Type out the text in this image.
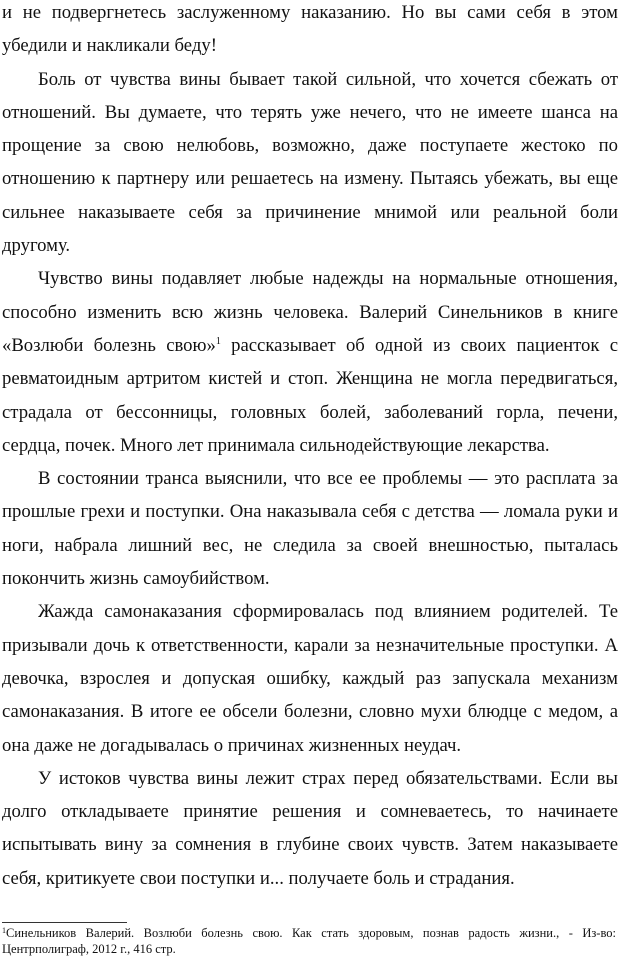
и не подвергнетесь заслуженному наказанию. Но вы сами себя в этом убедили и накликали беду!

Боль от чувства вины бывает такой сильной, что хочется сбежать от отношений. Вы думаете, что терять уже нечего, что не имеете шанса на прощение за свою нелюбовь, возможно, даже поступаете жестоко по отношению к партнеру или решаетесь на измену. Пытаясь убежать, вы еще сильнее наказываете себя за причинение мнимой или реальной боли другому.

Чувство вины подавляет любые надежды на нормальные отношения, способно изменить всю жизнь человека. Валерий Синельников в книге «Возлюби болезнь свою»$^1$ рассказывает об одной из своих пациенток с ревматоидным артритом кистей и стоп. Женщина не могла передвигаться, страдала от бессонницы, головных болей, заболеваний горла, печени, сердца, почек. Много лет принимала сильнодействующие лекарства.

В состоянии транса выяснили, что все ее проблемы — это расплата за прошлые грехи и поступки. Она наказывала себя с детства — ломала руки и ноги, набрала лишний вес, не следила за своей внешностью, пыталась покончить жизнь самоубийством.

Жажда самонаказания сформировалась под влиянием родителей. Те призывали дочь к ответственности, карали за незначительные проступки. А девочка, взрослея и допуская ошибку, каждый раз запускала механизм самонаказания. В итоге ее обсели болезни, словно мухи блюдце с медом, а она даже не догадывалась о причинах жизненных неудач.

У истоков чувства вины лежит страх перед обязательствами. Если вы долго откладываете принятие решения и сомневаетесь, то начинаете испытывать вину за сомнения в глубине своих чувств. Затем наказываете себя, критикуете свои поступки и... получаете боль и страдания.

$^1$Синельников Валерий. Возлюби болезнь свою. Как стать здоровым, познав радость жизни., - Из-во: Центрполиграф, 2012 г., 416 стр.
